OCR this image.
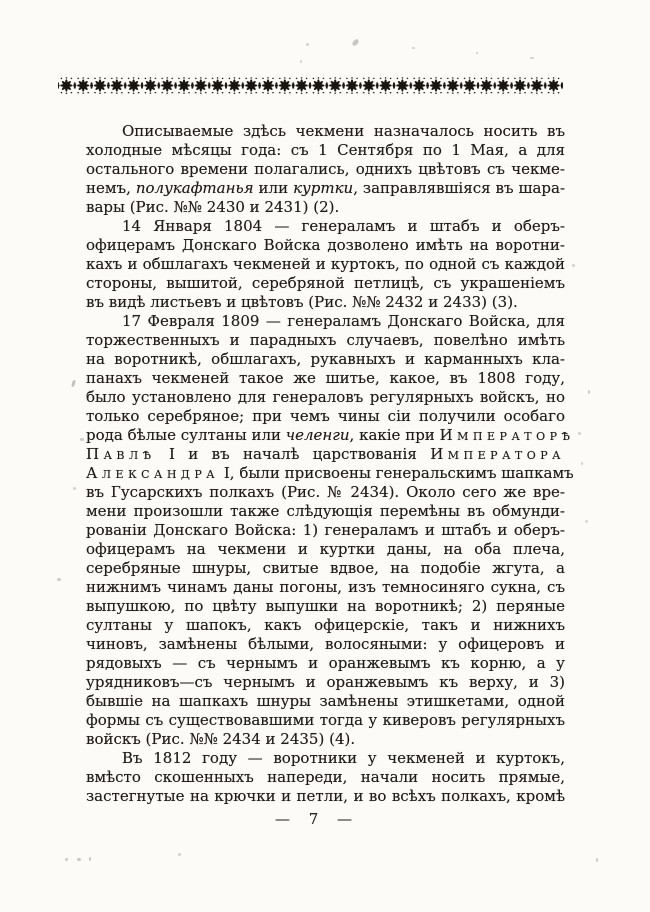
Описываемые здѣсь чекмени назначалось носить въ
холодные мѣсяцы года: съ 1 Сентября по 1 Мая, а для
остального времени полагались, однихъ цвѣтовъ съ чекме-
немъ, полукафтанья или куртки, заправлявшіяся въ шара-
вары (Рис. №№ 2430 и 2431) (2).
14 Января 1804 — генераламъ и штабъ и оберъ-
офицерамъ Донскаго Войска дозволено имѣть на воротни-
кахъ и обшлагахъ чекменей и куртокъ, по одной съ каждой
стороны, вышитой, серебряной петлицѣ, съ украшеніемъ
въ видѣ листьевъ и цвѣтовъ (Рис. №№ 2432 и 2433) (3).
17 Февраля 1809 — генераламъ Донскаго Войска, для
торжественныхъ и парадныхъ случаевъ, повелѣно имѣть
на воротникѣ, обшлагахъ, рукавныхъ и карманныхъ кла-
панахъ чекменей такое же шитье, какое, въ 1808 году,
было установлено для генераловъ регулярныхъ войскъ, но
только серебряное; при чемъ чины сіи получили особаго
рода бѣлые султаны или челенги, какіе при Императорѣ
Павлѣ I и въ началѣ царствованія Императора
Александра I, были присвоены генеральскимъ шапкамъ
въ Гусарскихъ полкахъ (Рис. № 2434). Около сего же вре-
мени произошли также слѣдующія перемѣны въ обмунди-
рованіи Донскаго Войска: 1) генераламъ и штабъ и оберъ-
офицерамъ на чекмени и куртки даны, на оба плеча,
серебряные шнуры, свитые вдвое, на подобіе жгута, а
нижнимъ чинамъ даны погоны, изъ темносиняго сукна, съ
выпушкою, по цвѣту выпушки на воротникѣ; 2) перяные
султаны у шапокъ, какъ офицерскіе, такъ и нижнихъ
чиновъ, замѣнены бѣлыми, волосяными: у офицеровъ и
рядовыхъ — съ чернымъ и оранжевымъ къ корню, а у
урядниковъ—съ чернымъ и оранжевымъ къ верху, и 3)
бывшіе на шапкахъ шнуры замѣнены этишкетами, одной
формы съ существовавшими тогда у киверовъ регулярныхъ
войскъ (Рис. №№ 2434 и 2435) (4).
Въ 1812 году — воротники у чекменей и куртокъ,
вмѣсто скошенныхъ напереди, начали носить прямые,
застегнутые на крючки и петли, и во всѣхъ полкахъ, кромѣ
— 7 —
